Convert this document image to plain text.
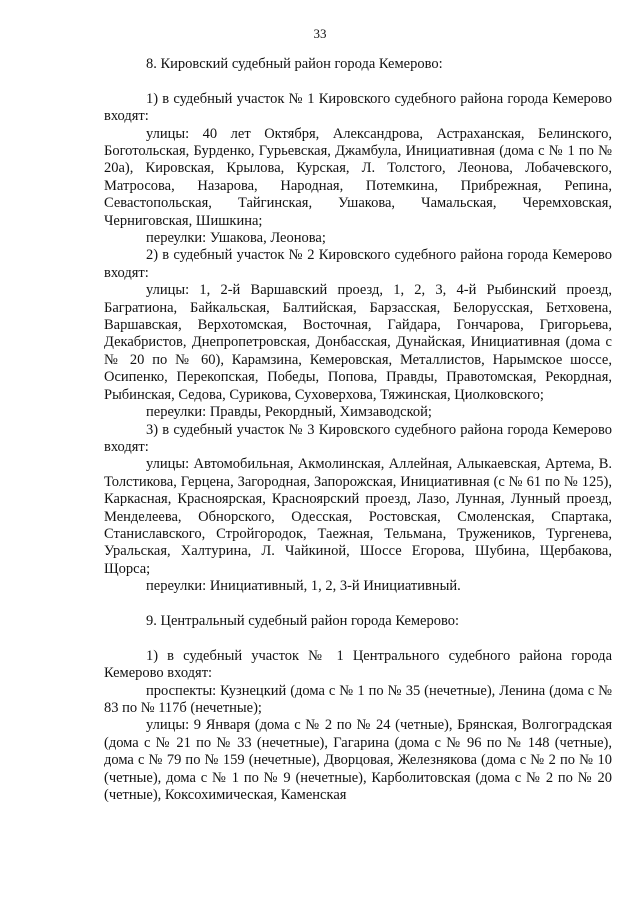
33

8. Кировский судебный район города Кемерово:

1) в судебный участок № 1 Кировского судебного района города Кемерово входят:

улицы: 40 лет Октября, Александрова, Астраханская, Белинского, Боготольская, Бурденко, Гурьевская, Джамбула, Инициативная (дома с № 1 по № 20а), Кировская, Крылова, Курская, Л. Толстого, Леонова, Лобачевского, Матросова, Назарова, Народная, Потемкина, Прибрежная, Репина, Севастопольская, Тайгинская, Ушакова, Чамальская, Черемховская, Черниговская, Шишкина;

переулки: Ушакова, Леонова;

2) в судебный участок № 2 Кировского судебного района города Кемерово входят:

улицы: 1, 2-й Варшавский проезд, 1, 2, 3, 4-й Рыбинский проезд, Багратиона, Байкальская, Балтийская, Барзасская, Белорусская, Бетховена, Варшавская, Верхотомская, Восточная, Гайдара, Гончарова, Григорьева, Декабристов, Днепропетровская, Донбасская, Дунайская, Инициативная (дома с № 20 по № 60), Карамзина, Кемеровская, Металлистов, Нарымское шоссе, Осипенко, Перекопская, Победы, Попова, Правды, Правотомская, Рекордная, Рыбинская, Седова, Сурикова, Суховерхова, Тяжинская, Циолковского;

переулки: Правды, Рекордный, Химзаводской;

3) в судебный участок № 3 Кировского судебного района города Кемерово входят:

улицы: Автомобильная, Акмолинская, Аллейная, Алыкаевская, Артема, В. Толстикова, Герцена, Загородная, Запорожская, Инициативная (с № 61 по № 125), Каркасная, Красноярская, Красноярский проезд, Лазо, Лунная, Лунный проезд, Менделеева, Обнорского, Одесская, Ростовская, Смоленская, Спартака, Станиславского, Стройгородок, Таежная, Тельмана, Тружеников, Тургенева, Уральская, Халтурина, Л. Чайкиной, Шоссе Егорова, Шубина, Щербакова, Щорса;

переулки: Инициативный, 1, 2, 3-й Инициативный.

9. Центральный судебный район города Кемерово:

1) в судебный участок № 1 Центрального судебного района города Кемерово входят:

проспекты: Кузнецкий (дома с № 1 по № 35 (нечетные), Ленина (дома с № 83 по № 117б (нечетные);

улицы: 9 Января (дома с № 2 по № 24 (четные), Брянская, Волгоградская (дома с № 21 по № 33 (нечетные), Гагарина (дома с № 96 по № 148 (четные), дома с № 79 по № 159 (нечетные), Дворцовая, Железнякова (дома с № 2 по № 10 (четные), дома с № 1 по № 9 (нечетные), Карболитовская (дома с № 2 по № 20 (четные), Коксохимическая, Каменская
